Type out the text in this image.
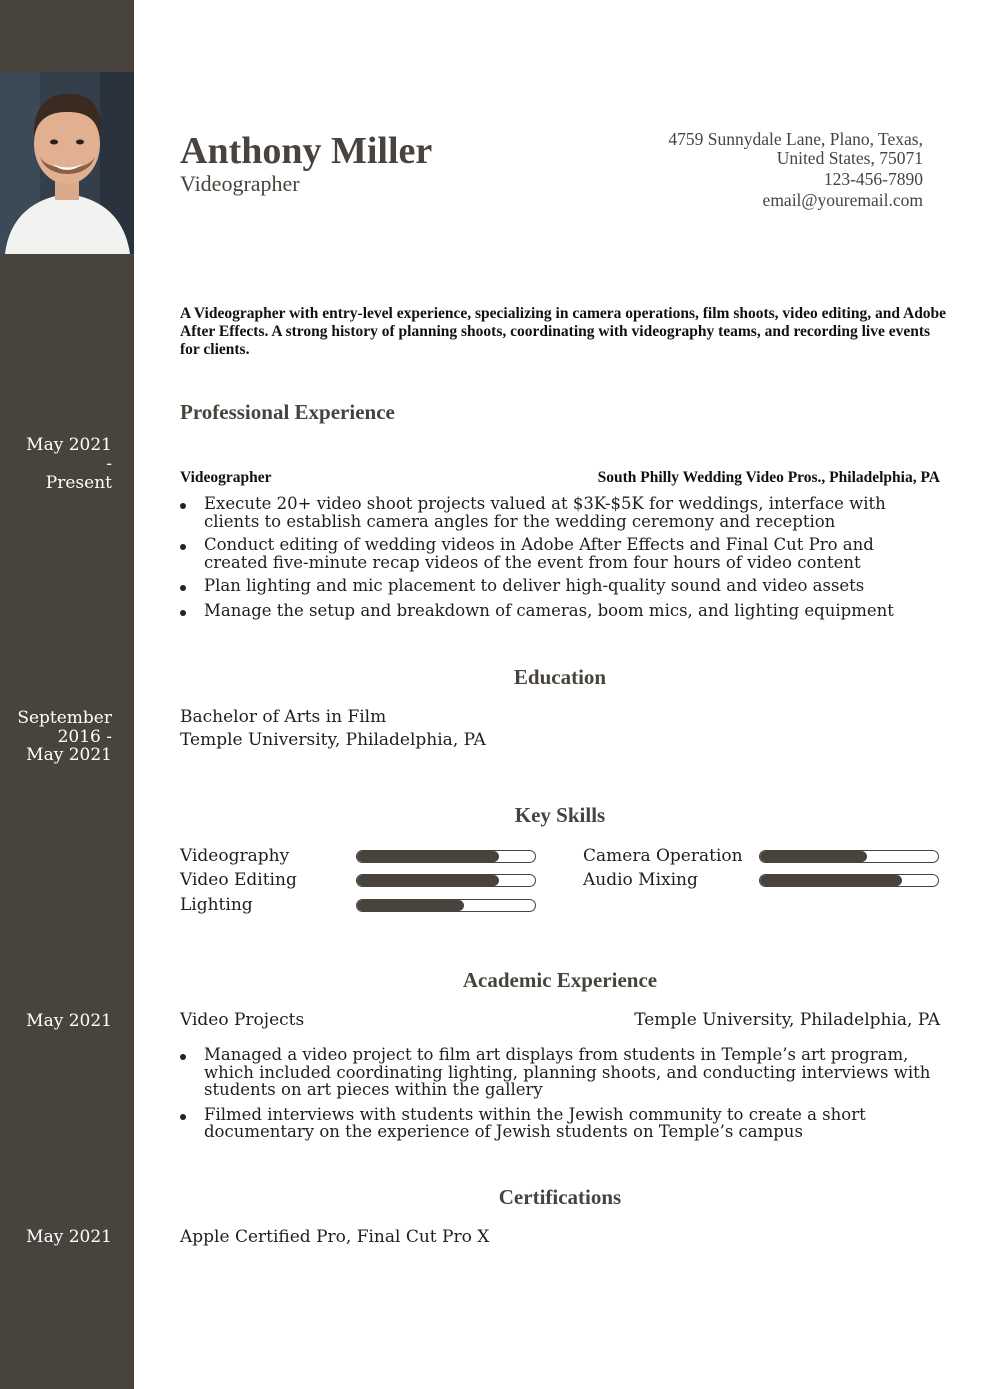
May 2021
-
Present
September
2016 -
May 2021
May 2021
May 2021
Anthony Miller
Videographer
4759 Sunnydale Lane, Plano, Texas,
United States, 75071
123-456-7890
email@youremail.com
A Videographer with entry-level experience, specializing in camera operations, film shoots, video editing, and Adobe After Effects. A strong history of planning shoots, coordinating with videography teams, and recording live events for clients.
Professional Experience
Videographer	South Philly Wedding Video Pros., Philadelphia, PA
Execute 20+ video shoot projects valued at $3K-$5K for weddings, interface with clients to establish camera angles for the wedding ceremony and reception
Conduct editing of wedding videos in Adobe After Effects and Final Cut Pro and created five-minute recap videos of the event from four hours of video content
Plan lighting and mic placement to deliver high-quality sound and video assets
Manage the setup and breakdown of cameras, boom mics, and lighting equipment
Education
Bachelor of Arts in Film
Temple University, Philadelphia, PA
Key Skills
Videography
Video Editing
Lighting
Camera Operation
Audio Mixing
Academic Experience
Video Projects	Temple University, Philadelphia, PA
Managed a video project to film art displays from students in Temple’s art program, which included coordinating lighting, planning shoots, and conducting interviews with students on art pieces within the gallery
Filmed interviews with students within the Jewish community to create a short documentary on the experience of Jewish students on Temple’s campus
Certifications
Apple Certified Pro, Final Cut Pro X
